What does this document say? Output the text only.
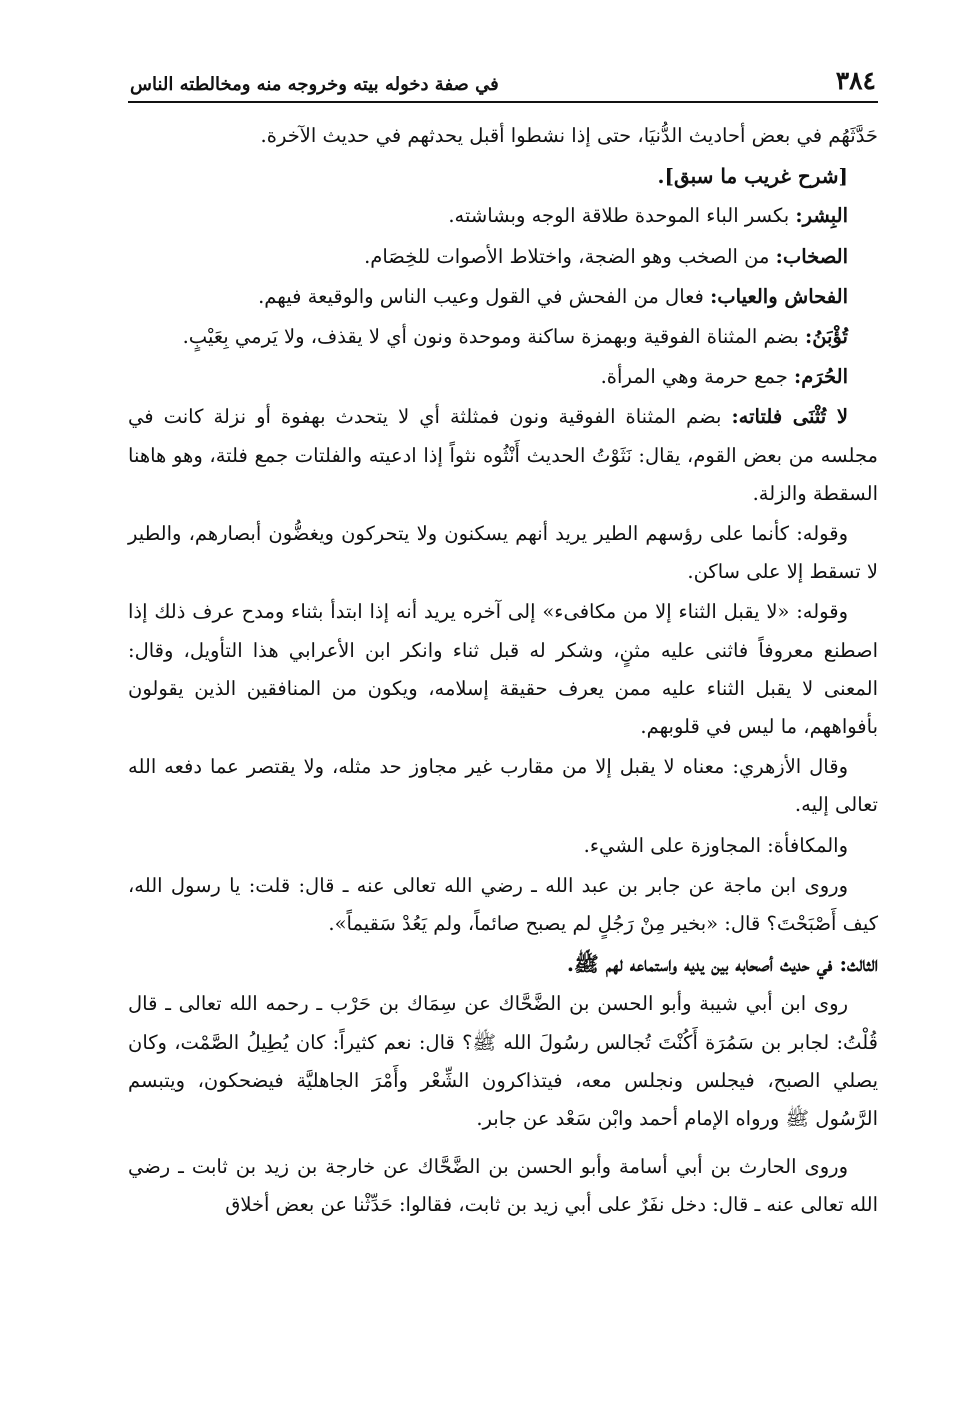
٣٨٤
في صفة دخوله بيته وخروجه منه ومخالطته الناس

حَدَّثَهُم في بعض أحاديث الدُّنيَا، حتى إذا نشطوا أقبل يحدثهم في حديث الآخرة.

[شرح غريب ما سبق].

البِشر: بكسر الباء الموحدة طلاقة الوجه وبشاشته.

الصخاب: من الصخب وهو الضجة، واختلاط الأصوات للخِصَام.

الفحاش والعياب: فعال من الفحش في القول وعيب الناس والوقيعة فيهم.

تُؤْبَنُ: بضم المثناة الفوقية وبهمزة ساكنة وموحدة ونون أي لا يقذف، ولا يَرمي بِعَيْبٍ.

الحُرَم: جمع حرمة وهي المرأة.

لا تُثْنَى فلتاته: بضم المثناة الفوقية ونون فمثلثة أي لا يتحدث بهفوة أو نزلة كانت في مجلسه من بعض القوم، يقال: نَثَوْتُ الحديث أَنْثُوه نثواً إذا ادعيته والفلتات جمع فلتة، وهو هاهنا السقطة والزلة.

وقوله: كأنما على رؤسهم الطير يريد أنهم يسكنون ولا يتحركون ويغضُّون أبصارهم، والطير لا تسقط إلا على ساكن.

وقوله: «لا يقبل الثناء إلا من مكافىء» إلى آخره يريد أنه إذا ابتدأ بثناء ومدح عرف ذلك إذا اصطنع معروفاً فاثنى عليه مثنٍ، وشكر له قبل ثناء وانكر ابن الأعرابي هذا التأويل، وقال: المعنى لا يقبل الثناء عليه ممن يعرف حقيقة إسلامه، ويكون من المنافقين الذين يقولون بأفواههم، ما ليس في قلوبهم.

وقال الأزهري: معناه لا يقبل إلا من مقارب غير مجاوز حد مثله، ولا يقتصر عما دفعه الله تعالى إليه.

والمكافأة: المجاوزة على الشيء.

وروى ابن ماجة عن جابر بن عبد الله ـ رضي الله تعالى عنه ـ قال: قلت: يا رسول الله، كيف أَصْبَحْتَ؟ قال: «بخير مِنْ رَجُلٍ لم يصبح صائماً، ولم يَعُدْ سَقيماً».

الثالث: في حديث أصحابه بين يديه واستماعه لهم ﷺ.

روى ابن أبي شيبة وأبو الحسن بن الضَّحَّاك عن سِمَاك بن حَرْب ـ رحمه الله تعالى ـ قال قُلْتُ: لجابر بن سَمُرَة أَكُنْتَ تُجالس رسُولَ الله ﷺ؟ قال: نعم كثيراً: كان يُطِيلُ الصَّمْت، وكان يصلي الصبح، فيجلس ونجلس معه، فيتذاكرون الشِّعْر وأَمْرَ الجاهليَّة فيضحكون، ويتبسم الرَّسُول ﷺ ورواه الإمام أحمد وابْن سَعْد عن جابر.

وروى الحارث بن أبي أسامة وأبو الحسن بن الضَّحَّاك عن خارجة بن زيد بن ثابت ـ رضي الله تعالى عنه ـ قال: دخل نفَرٌ على أبي زيد بن ثابت، فقالوا: حَدِّثْنا عن بعض أخلاق
